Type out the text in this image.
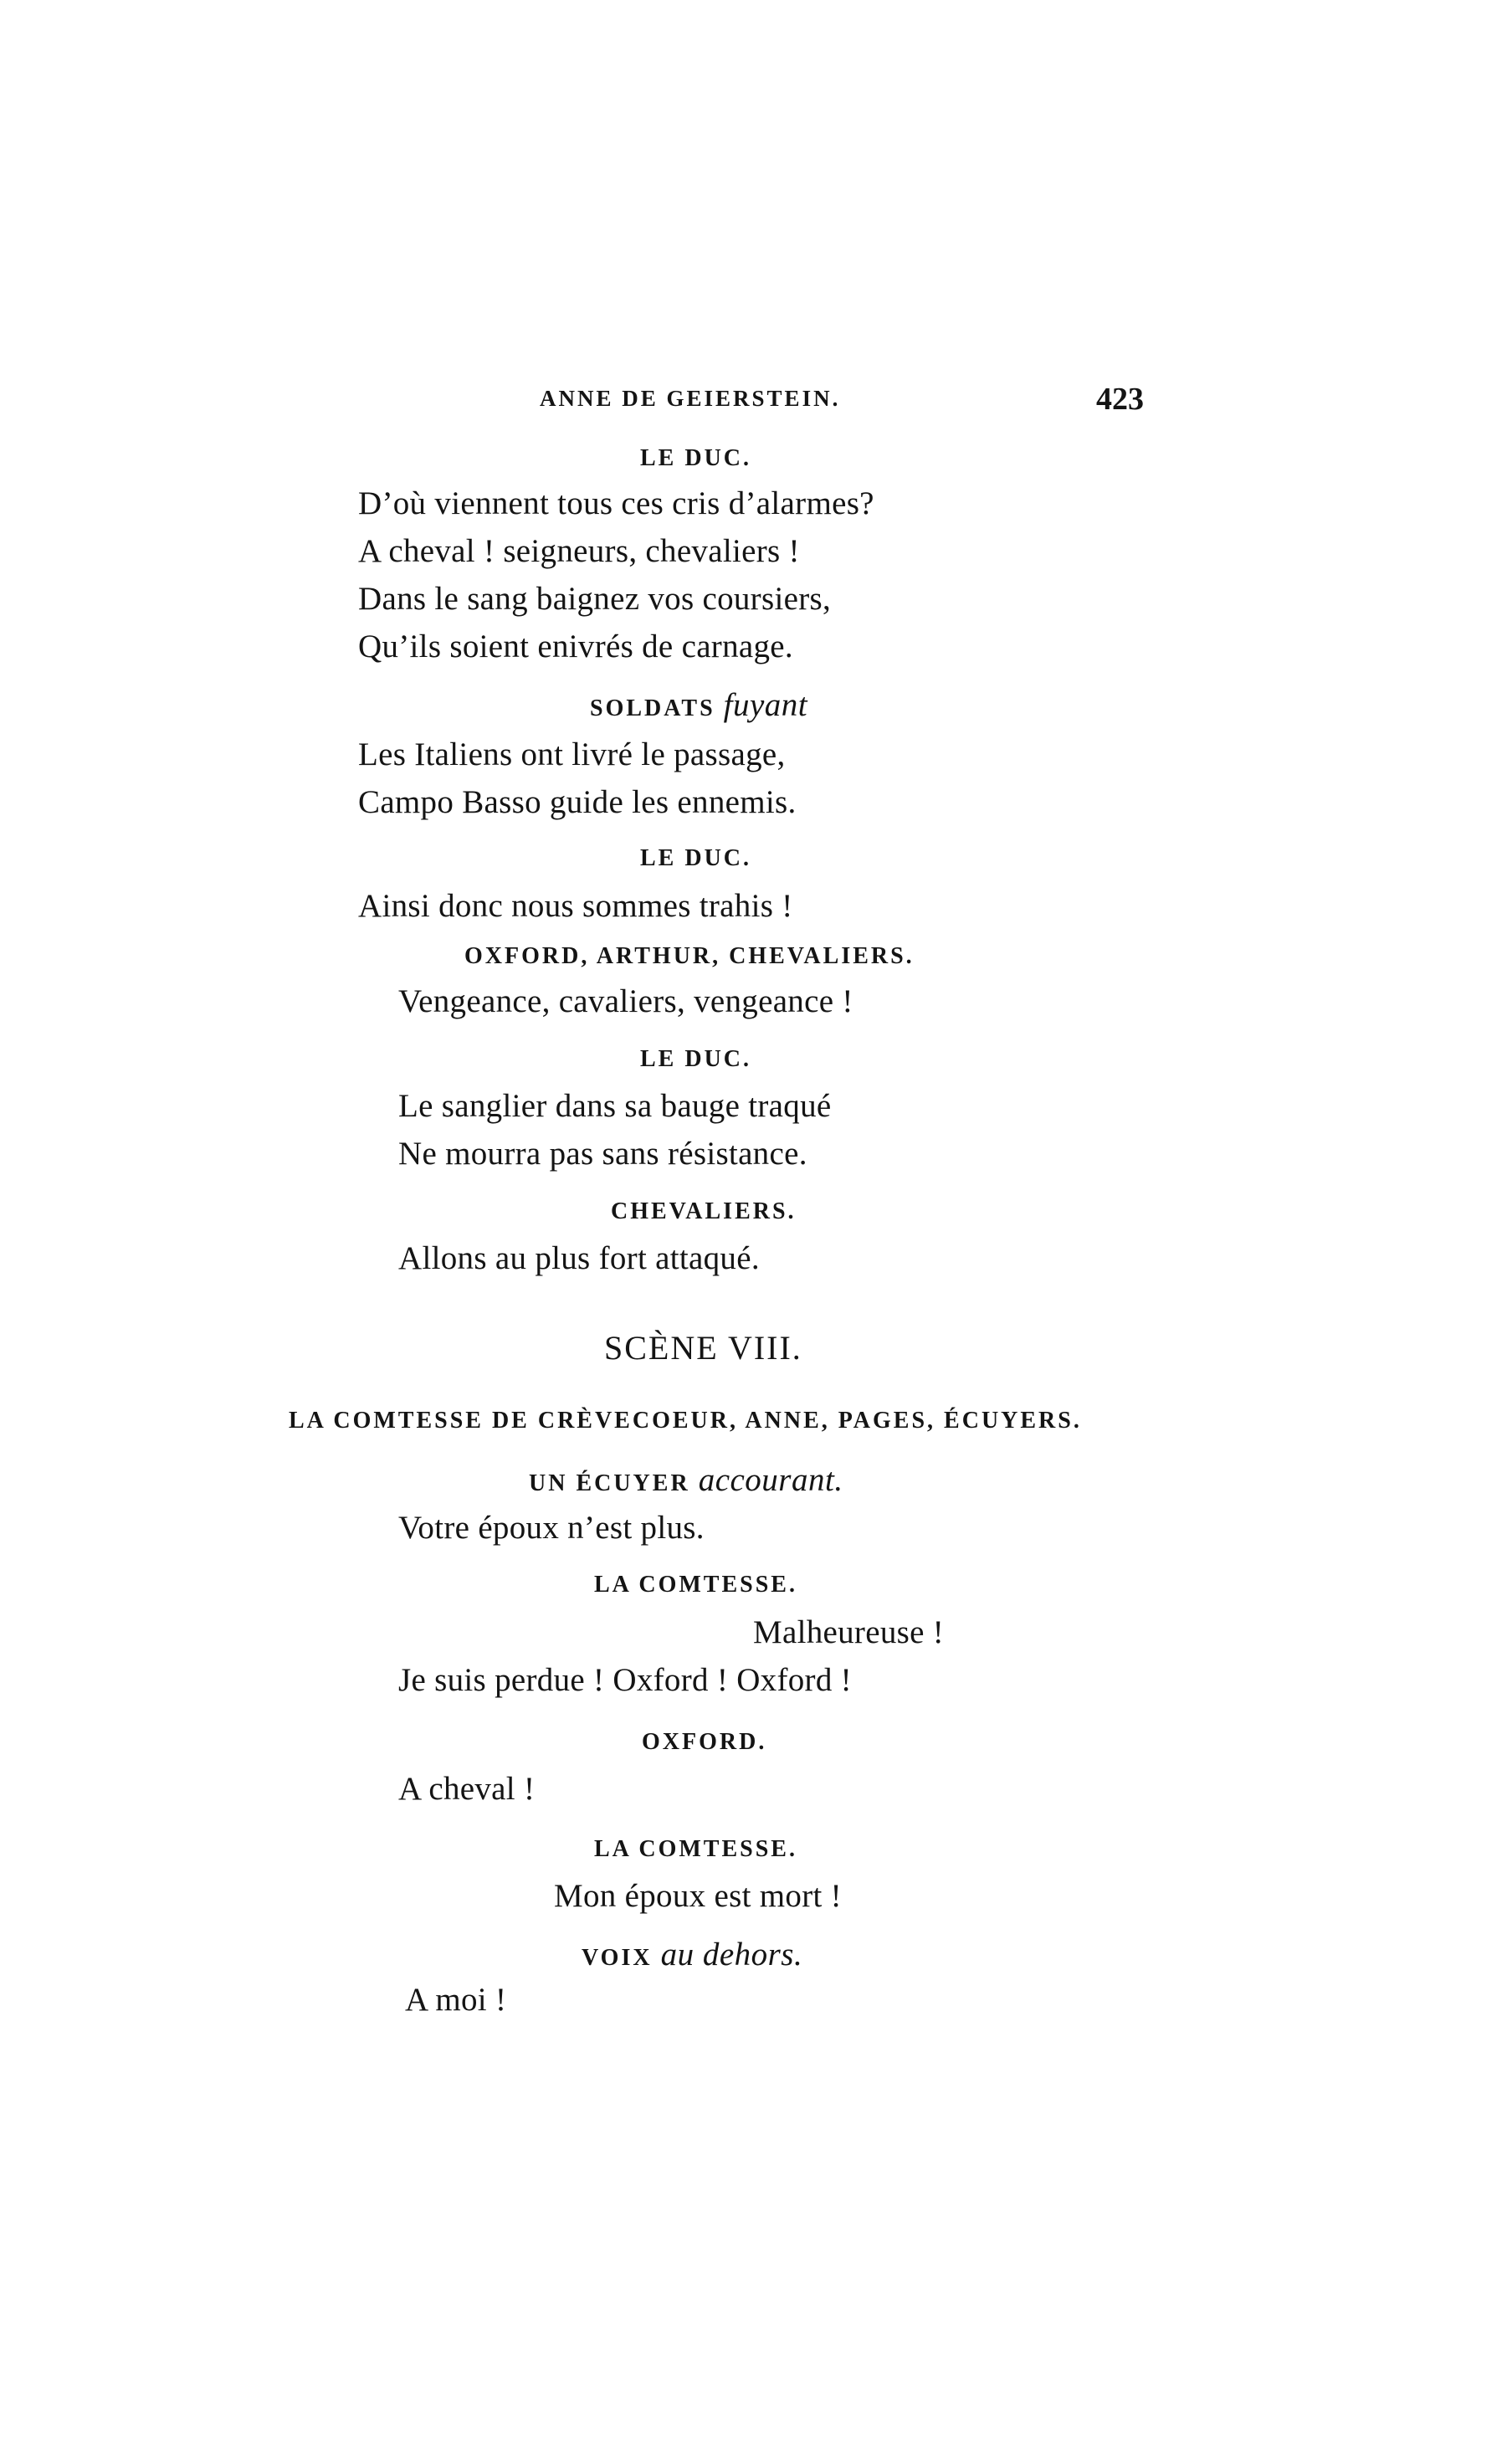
ANNE DE GEIERSTEIN.	423
LE DUC.
D’où viennent tous ces cris d’alarmes?
A cheval ! seigneurs, chevaliers !
Dans le sang baignez vos coursiers,
Qu’ils soient enivrés de carnage.
SOLDATS fuyant
Les Italiens ont livré le passage,
Campo Basso guide les ennemis.
LE DUC.
Ainsi donc nous sommes trahis !
OXFORD, ARTHUR, CHEVALIERS.
Vengeance, cavaliers, vengeance !
LE DUC.
Le sanglier dans sa bauge traqué
Ne mourra pas sans résistance.
CHEVALIERS.
Allons au plus fort attaqué.
SCÈNE VIII.
LA COMTESSE DE CRÈVECOEUR, ANNE, PAGES, ÉCUYERS.
UN ÉCUYER accourant.
Votre époux n’est plus.
LA COMTESSE.
Malheureuse !
Je suis perdue ! Oxford ! Oxford !
OXFORD.
A cheval !
LA COMTESSE.
Mon époux est mort !
VOIX au dehors.
A moi !
